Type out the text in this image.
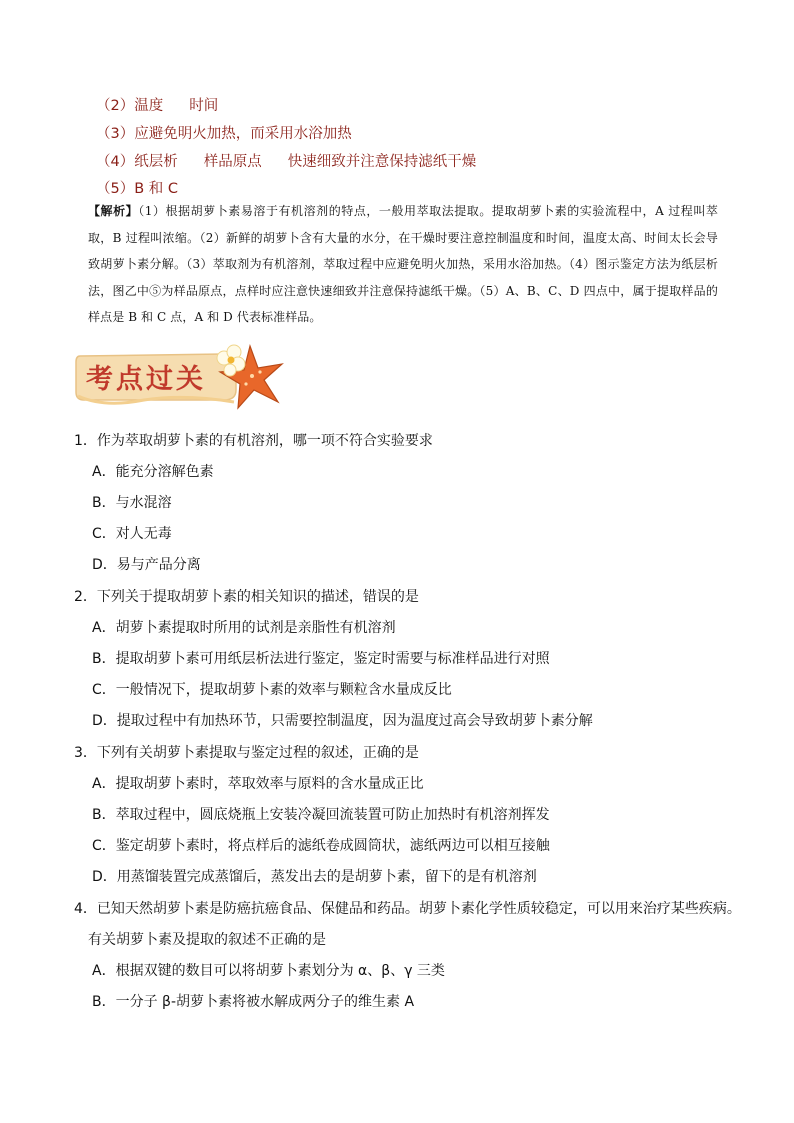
（2）温度 时间
（3）应避免明火加热，而采用水浴加热
（4）纸层析 样品原点 快速细致并注意保持滤纸干燥
（5）B 和 C
【解析】（1）根据胡萝卜素易溶于有机溶剂的特点，一般用萃取法提取。提取胡萝卜素的实验流程中，A 过程叫萃取，B 过程叫浓缩。（2）新鲜的胡萝卜含有大量的水分，在干燥时要注意控制温度和时间，温度太高、时间太长会导致胡萝卜素分解。（3）萃取剂为有机溶剂，萃取过程中应避免明火加热，采用水浴加热。（4）图示鉴定方法为纸层析法，图乙中⑤为样品原点，点样时应注意快速细致并注意保持滤纸干燥。（5）A、B、C、D 四点中，属于提取样品的样点是 B 和 C 点，A 和 D 代表标准样品。
考点过关
1．作为萃取胡萝卜素的有机溶剂，哪一项不符合实验要求
A．能充分溶解色素
B．与水混溶
C．对人无毒
D．易与产品分离
2．下列关于提取胡萝卜素的相关知识的描述，错误的是
A．胡萝卜素提取时所用的试剂是亲脂性有机溶剂
B．提取胡萝卜素可用纸层析法进行鉴定，鉴定时需要与标准样品进行对照
C．一般情况下，提取胡萝卜素的效率与颗粒含水量成反比
D．提取过程中有加热环节，只需要控制温度，因为温度过高会导致胡萝卜素分解
3．下列有关胡萝卜素提取与鉴定过程的叙述，正确的是
A．提取胡萝卜素时，萃取效率与原料的含水量成正比
B．萃取过程中，圆底烧瓶上安装冷凝回流装置可防止加热时有机溶剂挥发
C．鉴定胡萝卜素时，将点样后的滤纸卷成圆筒状，滤纸两边可以相互接触
D．用蒸馏装置完成蒸馏后，蒸发出去的是胡萝卜素，留下的是有机溶剂
4．已知天然胡萝卜素是防癌抗癌食品、保健品和药品。胡萝卜素化学性质较稳定，可以用来治疗某些疾病。
有关胡萝卜素及提取的叙述不正确的是
A．根据双键的数目可以将胡萝卜素划分为 α、β、γ 三类
B．一分子 β-胡萝卜素将被水解成两分子的维生素 A
